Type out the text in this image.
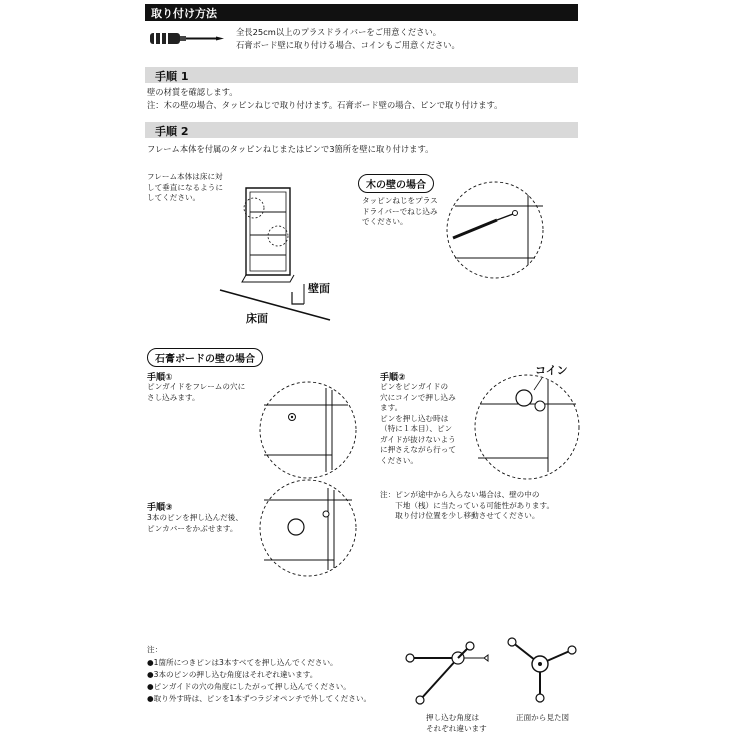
取り付け方法
全長25cm以上のプラスドライバーをご用意ください。
石膏ボード壁に取り付ける場合、コインもご用意ください。
手順 1
壁の材質を確認します。
注：木の壁の場合、タッピンねじで取り付けます。石膏ボード壁の場合、ピンで取り付けます。
手順 2
フレーム本体を付属のタッピンねじまたはピンで3箇所を壁に取り付けます。
フレーム本体は床に対
して垂直になるように
してください。
壁面
床面
木の壁の場合
タッピンねじをプラス
ドライバーでねじ込み
でください。
石膏ボードの壁の場合
手順①
ピンガイドをフレームの穴に
さし込みます。
手順②
ピンをピンガイドの
穴にコインで押し込み
ます。
ピンを押し込む時は
（特に１本目）、ピン
ガイドが抜けないよう
に押さえながら行って
ください。
コイン
手順③
3本のピンを押し込んだ後、
ピンカバーをかぶせます。
注：ピンが途中から入らない場合は、壁の中の
　　下地（桟）に当たっている可能性があります。
　　取り付け位置を少し移動させてください。
注：
●1箇所につきピンは3本すべてを押し込んでください。
●3本のピンの押し込む角度はそれぞれ違います。
●ピンガイドの穴の角度にしたがって押し込んでください。
●取り外す時は、ピンを1本ずつラジオペンチで外してください。
押し込む角度は
それぞれ違います
正面から見た図
